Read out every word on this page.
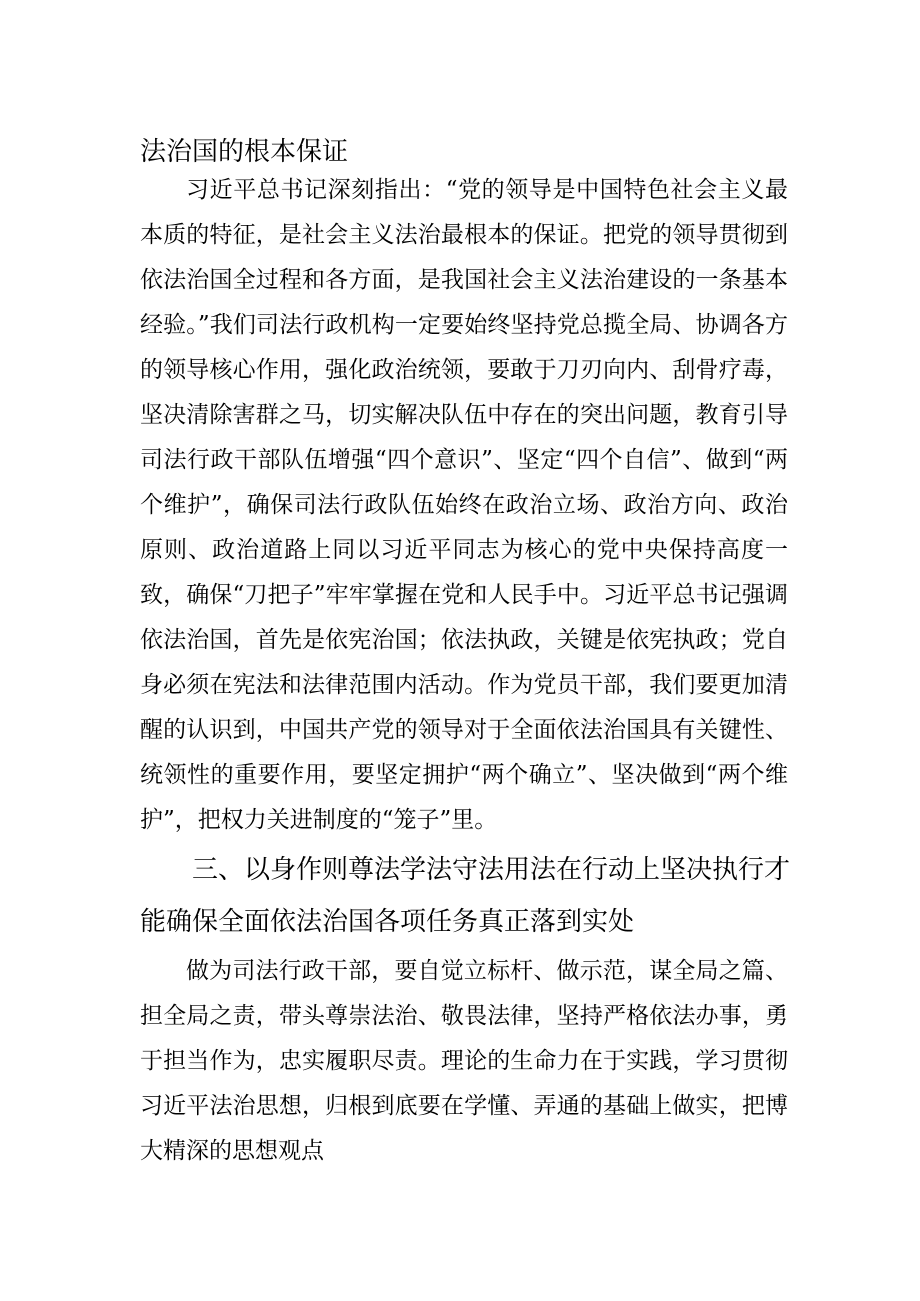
法治国的根本保证
习近平总书记深刻指出：“党的领导是中国特色社会主义最本质的特征，是社会主义法治最根本的保证。把党的领导贯彻到依法治国全过程和各方面，是我国社会主义法治建设的一条基本经验。”我们司法行政机构一定要始终坚持党总揽全局、协调各方的领导核心作用，强化政治统领，要敢于刀刃向内、刮骨疗毒，坚决清除害群之马，切实解决队伍中存在的突出问题，教育引导司法行政干部队伍增强“四个意识”、坚定“四个自信”、做到“两个维护”，确保司法行政队伍始终在政治立场、政治方向、政治原则、政治道路上同以习近平同志为核心的党中央保持高度一致，确保“刀把子”牢牢掌握在党和人民手中。习近平总书记强调依法治国，首先是依宪治国；依法执政，关键是依宪执政；党自身必须在宪法和法律范围内活动。作为党员干部，我们要更加清醒的认识到，中国共产党的领导对于全面依法治国具有关键性、统领性的重要作用，要坚定拥护“两个确立”、坚决做到“两个维护”，把权力关进制度的“笼子”里。
三、以身作则尊法学法守法用法在行动上坚决执行才能确保全面依法治国各项任务真正落到实处
做为司法行政干部，要自觉立标杆、做示范，谋全局之篇、担全局之责，带头尊崇法治、敬畏法律，坚持严格依法办事，勇于担当作为，忠实履职尽责。理论的生命力在于实践，学习贯彻习近平法治思想，归根到底要在学懂、弄通的基础上做实，把博大精深的思想观点
